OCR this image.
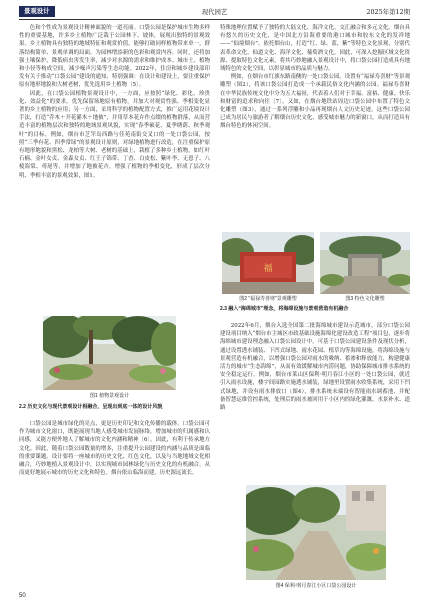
景观设计	现代园艺	2025年第12期

色和个性成为景观设计精神面貌的一道亮丽。口袋公园是保护城市生物多样性的重要基地，许多乡土植物广泛栽于公园林下、坡体，展现出独特的景观效果。乡土植物具有独特的地域特征和观赏价值，能够打破同样植物带来单一、群落结构简单、景观单调的局面，为园林增添新的色彩和观赏内容。同时，还将加强土壤保护、降低病虫害发生率，减少对水源的需求和维护成本。城市土、植物和小径等构成空间，减少噪声污染等生态功能。2022年，住房和城乡建设部印发有关于推动“口袋公园”建设的通知，特别强调：在设计和建设上，要注重保护原有地形地貌和大树老树，优先选用乡土植物〔5〕。

因此，在口袋公园植物景观设计中，一方面，应按照“绿化、彩化、珍贵化、效益化”的要求，优先保留场地原有植物，并加大对观赏性强、季相变化显著的乡土植物的应用；另一方面，采用科学的植物配置方式，推广运用花境设计手法，打造“乔木＋开花灌木＋地被”，并用草本花卉作点缀的植物群落，从而营造丰富的植物层次和独特的地域景观风貌，实现“春季硕花、夏季绣荫、秋季观叶”的目标。例如，烟台市芝罘岛西路与佳苑南街交叉口的一处口袋公园，按照“三季有花、四季常绿”的景观设计原则，对绿地植物进行改造，在注重保护原有地形地貌和黑松、龙柏等大树、老树的基础上，栽植了多种乡土植物，如红叶石楠、金叶女贞、金森女贞、红王子锦带、丁香、白皮松、紫叶李、无患子、八棱海棠、鸢尾等，并增加了地被花卉，增强了植物的季相变化，形成了层次分明、季相丰富的景观效果，图1。

图1 植物景观设计
2.2 历史文化与现代景观设计相融合，呈现出到底一体的设计风貌

口袋公园是城市绿化的亮点，更是历史印记和文化传播的载体。口袋公园可作为城市文化窗口，既能展现当地人感受城市发展脉络，增加城市的归属感和认同感，又能方便外地人了解城市的文化内涵和精神〔6〕。因此，有利于传承地方文化。因此，随着口袋公园数量的增多，注重提升公园建设的内涵与品质是面临的重要课题。设计要将一座城市的历史文化、红色文化，以及与当地地域文化相融合，巧妙地植入景观设计中，以实现城市园林绿化与历史文化的有机融合，从而更好地展示城市的历史文化和特色。烟台依山临海而建，历史源远流长，

特殊地理位置赋予了独特的大陆文化、海洋文化、交汇融合和多元文化。烟台具有悠久的历史文化，是中国北方沿海重要的港口城市和胶东文化的发祥地——“仙境烟台”。依托烟台山，打造“红、绿、蓝、紫”等特色文化景观，分别代表革命文化、仙道文化、海洋文化、葡萄酒文化。因此，可深入挖掘区域文化资源，提取特色文化元素，将其巧妙地融入景观设计中，将口袋公园打造成具有地域特色的文化空间，以彰显城市的品质与魅力。

例如，在烟台市红旗东路南侧的一处口袋公园，设置有“福禄寿喜财”等景观雕塑（图2），将该口袋公园打造成一个承载民俗文化内涵的公园。福禄寿喜财在中华民族传统文化中分为五大福祉，代表着人们对于幸福、富裕、健康、快乐和财富的追求和向往〔7〕。又如，在烟台地铁站周边口袋公园中布置了特色文化雕塑（图3），通过一系列浮雕和小品再现烟台人文历史足迹，这些口袋公园已成为居民与旅游者了解烟台历史文化、感受城市魅力的新窗口，从而打造具有烟台特色的休闲空间。

福
图2 “福禄寿喜财”景观雕塑	图3 特色文化雕塑
2.3 融入“海绵城市”理念，将海绵设施与景观营造有机融合

2022年6月，烟台入选全国第二批海绵城市建设示范城市，部分口袋公园建设项目纳入“烟台市主城区市政基础设施海绵化建设改造工程”项目包，逐步将海绵城市建设理念融入口袋公园设计中。可基于口袋公园建设条件及现状分析，通过设置透水铺装、下凹式绿地、雨水花园、植草沟等海绵设施，将海绵设施与景观营造有机融合，以增强口袋公园对雨水的吸纳、蓄渗和释放能力，构建健康活力的城市“生态海绵”，从而有效缓解城市内涝问题，协助保障城市排水系统的安全稳定运行。例如，烟台市莱山区保利·明月春江小区的一处口袋公园，就近引入雨水设施，楼宇间园路实施透水铺装，绿地里设置雨水收集系统，采用下凹式绿地，并设有雨水排放口（图4），排水系统未端设有智能雨水调蓄池，并配备智慧运维管控系统，处理后的雨水被回用于小区内的绿化灌溉、水景补水、道路

图4 保利·明月春江小区口袋公园设计
50
